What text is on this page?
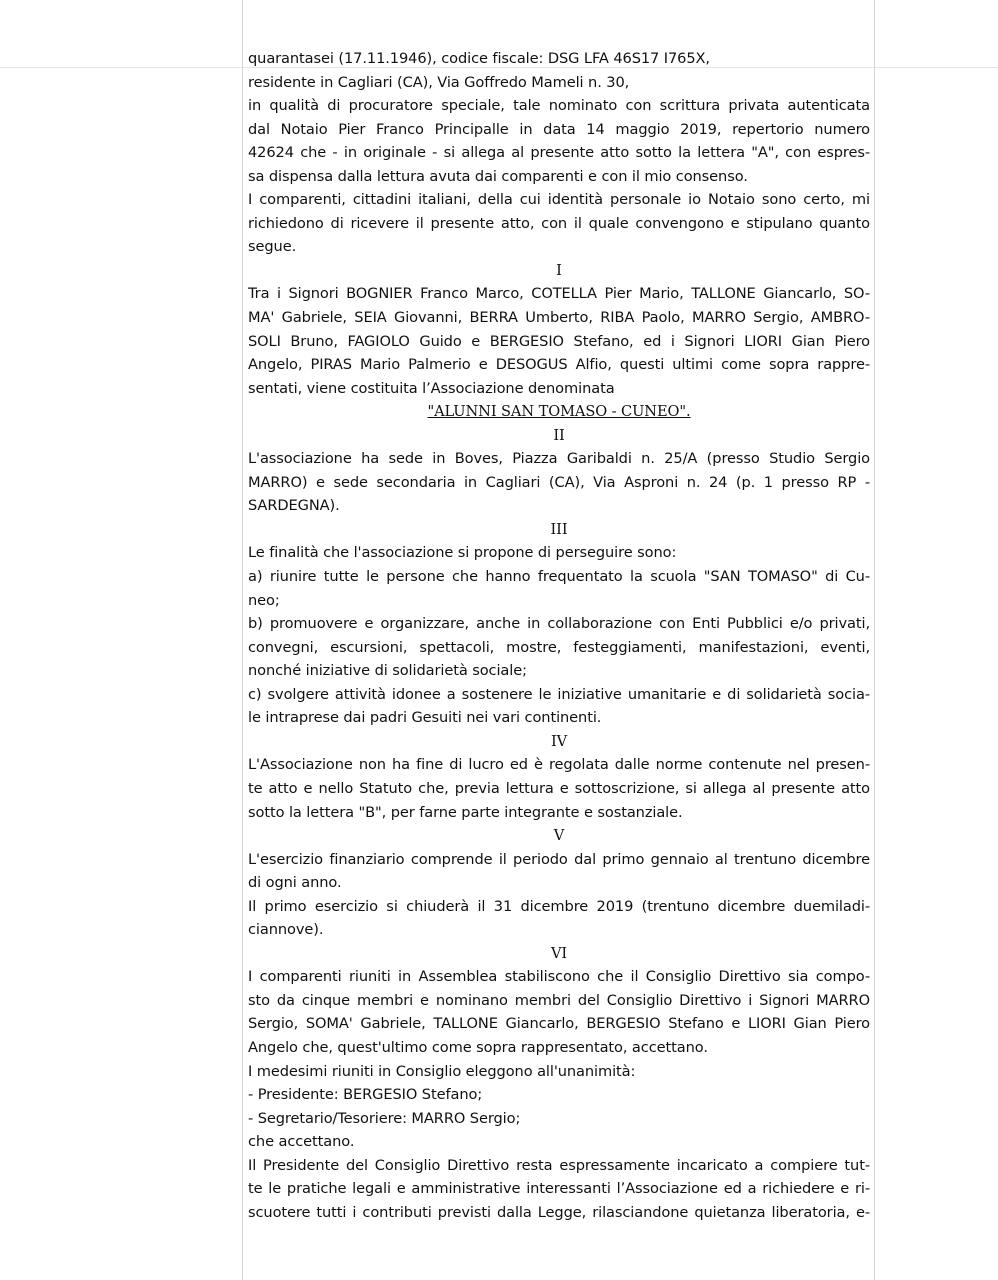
quarantasei (17.11.1946), codice fiscale: DSG LFA 46S17 I765X,
residente in Cagliari (CA), Via Goffredo Mameli n. 30,
in qualità di procuratore speciale, tale nominato con scrittura privata autenticata
dal Notaio Pier Franco Principalle in data 14 maggio 2019, repertorio numero
42624 che - in originale - si allega al presente atto sotto la lettera "A", con espres-
sa dispensa dalla lettura avuta dai comparenti e con il mio consenso.
I comparenti, cittadini italiani, della cui identità personale io Notaio sono certo, mi
richiedono di ricevere il presente atto, con il quale convengono e stipulano quanto
segue.
I
Tra i Signori BOGNIER Franco Marco, COTELLA Pier Mario, TALLONE Giancarlo, SO-
MA' Gabriele, SEIA Giovanni, BERRA Umberto, RIBA Paolo, MARRO Sergio, AMBRO-
SOLI Bruno, FAGIOLO Guido e BERGESIO Stefano, ed i Signori LIORI Gian Piero
Angelo, PIRAS Mario Palmerio e DESOGUS Alfio, questi ultimi come sopra rappre-
sentati, viene costituita l’Associazione denominata
"ALUNNI SAN TOMASO - CUNEO".
II
L'associazione ha sede in Boves, Piazza Garibaldi n. 25/A (presso Studio Sergio
MARRO) e sede secondaria in Cagliari (CA), Via Asproni n. 24 (p. 1 presso RP -
SARDEGNA).
III
Le finalità che l'associazione si propone di perseguire sono:
a) riunire tutte le persone che hanno frequentato la scuola "SAN TOMASO" di Cu-
neo;
b) promuovere e organizzare, anche in collaborazione con Enti Pubblici e/o privati,
convegni, escursioni, spettacoli, mostre, festeggiamenti, manifestazioni, eventi,
nonché iniziative di solidarietà sociale;
c) svolgere attività idonee a sostenere le iniziative umanitarie e di solidarietà socia-
le intraprese dai padri Gesuiti nei vari continenti.
IV
L'Associazione non ha fine di lucro ed è regolata dalle norme contenute nel presen-
te atto e nello Statuto che, previa lettura e sottoscrizione, si allega al presente atto
sotto la lettera "B", per farne parte integrante e sostanziale.
V
L'esercizio finanziario comprende il periodo dal primo gennaio al trentuno dicembre
di ogni anno.
Il primo esercizio si chiuderà il 31 dicembre 2019 (trentuno dicembre duemiladi-
ciannove).
VI
I comparenti riuniti in Assemblea stabiliscono che il Consiglio Direttivo sia compo-
sto da cinque membri e nominano membri del Consiglio Direttivo i Signori MARRO
Sergio, SOMA' Gabriele, TALLONE Giancarlo, BERGESIO Stefano e LIORI Gian Piero
Angelo che, quest'ultimo come sopra rappresentato, accettano.
I medesimi riuniti in Consiglio eleggono all'unanimità:
- Presidente: BERGESIO Stefano;
- Segretario/Tesoriere: MARRO Sergio;
che accettano.
Il Presidente del Consiglio Direttivo resta espressamente incaricato a compiere tut-
te le pratiche legali e amministrative interessanti l’Associazione ed a richiedere e ri-
scuotere tutti i contributi previsti dalla Legge, rilasciandone quietanza liberatoria, e-
